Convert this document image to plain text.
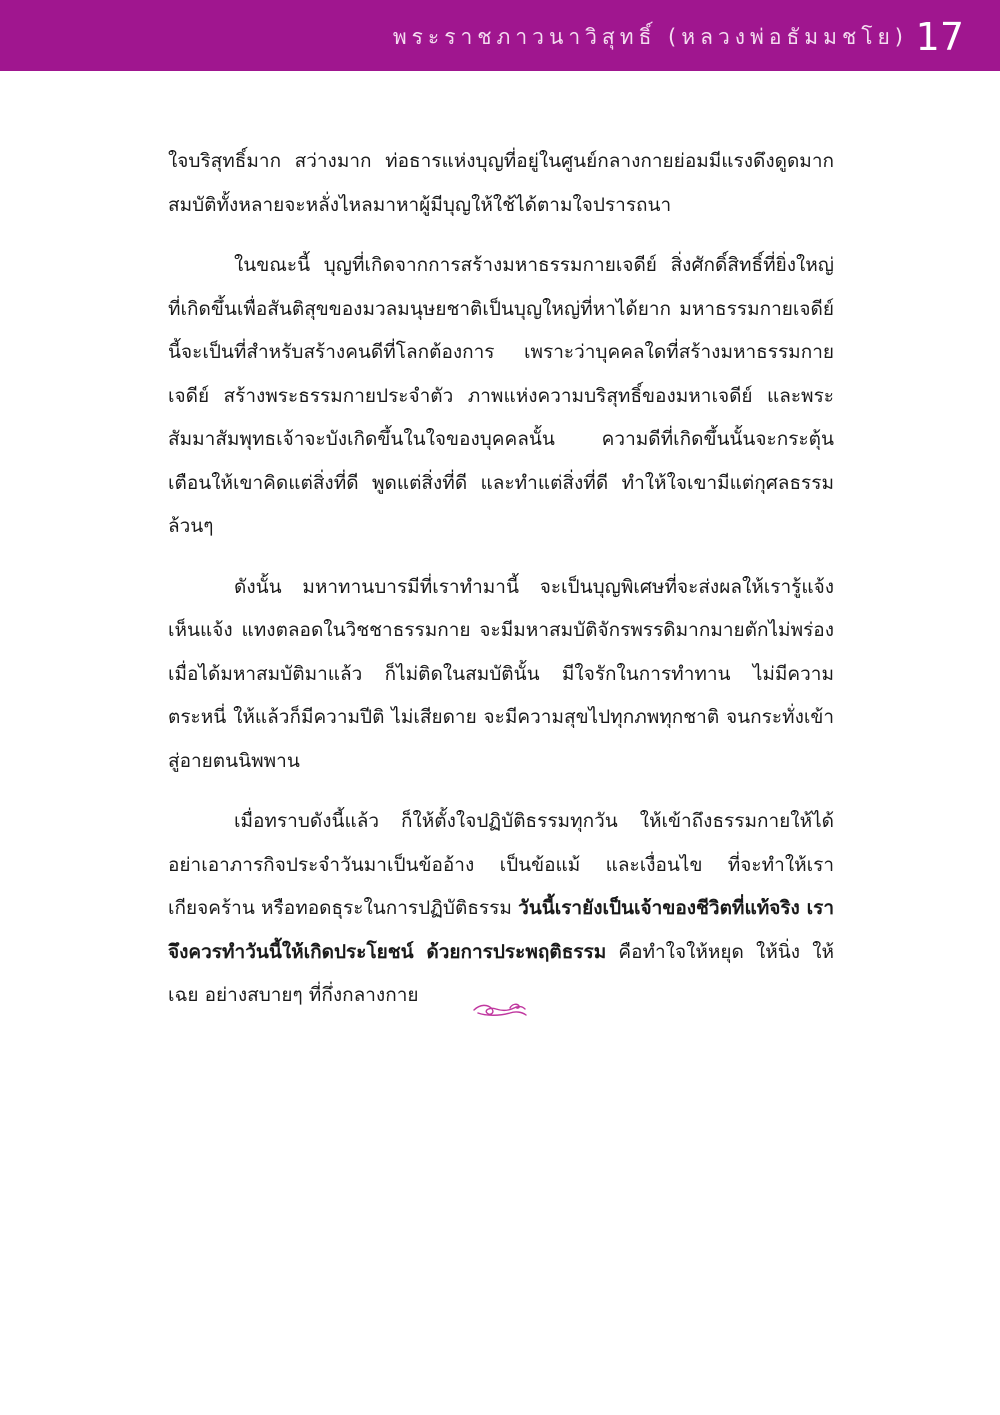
พระราชภาวนาวิสุทธิ์ (หลวงพ่อธัมมชโย) 17

ใจบริสุทธิ์มาก สว่างมาก ท่อธารแห่งบุญที่อยู่ในศูนย์กลางกายย่อมมีแรงดึงดูดมาก สมบัติทั้งหลายจะหลั่งไหลมาหาผู้มีบุญให้ใช้ได้ตามใจปรารถนา

ในขณะนี้ บุญที่เกิดจากการสร้างมหาธรรมกายเจดีย์ สิ่งศักดิ์สิทธิ์ที่ยิ่งใหญ่ ที่เกิดขึ้นเพื่อสันติสุขของมวลมนุษยชาติเป็นบุญใหญ่ที่หาได้ยาก มหาธรรมกายเจดีย์นี้จะเป็นที่สำหรับสร้างคนดีที่โลกต้องการ เพราะว่าบุคคลใดที่สร้างมหาธรรมกายเจดีย์ สร้างพระธรรมกายประจำตัว ภาพแห่งความบริสุทธิ์ของมหาเจดีย์ และพระสัมมาสัมพุทธเจ้าจะบังเกิดขึ้นในใจของบุคคลนั้น ความดีที่เกิดขึ้นนั้นจะกระตุ้นเตือนให้เขาคิดแต่สิ่งที่ดี พูดแต่สิ่งที่ดี และทำแต่สิ่งที่ดี ทำให้ใจเขามีแต่กุศลธรรมล้วนๆ

ดังนั้น มหาทานบารมีที่เราทำมานี้ จะเป็นบุญพิเศษที่จะส่งผลให้เรารู้แจ้ง เห็นแจ้ง แทงตลอดในวิชชาธรรมกาย จะมีมหาสมบัติจักรพรรดิมากมายตักไม่พร่อง เมื่อได้มหาสมบัติมาแล้ว ก็ไม่ติดในสมบัตินั้น มีใจรักในการทำทาน ไม่มีความตระหนี่ ให้แล้วก็มีความปีติ ไม่เสียดาย จะมีความสุขไปทุกภพทุกชาติ จนกระทั่งเข้าสู่อายตนนิพพาน

เมื่อทราบดังนี้แล้ว ก็ให้ตั้งใจปฏิบัติธรรมทุกวัน ให้เข้าถึงธรรมกายให้ได้ อย่าเอาภารกิจประจำวันมาเป็นข้ออ้าง เป็นข้อแม้ และเงื่อนไข ที่จะทำให้เราเกียจคร้าน หรือทอดธุระในการปฏิบัติธรรม วันนี้เรายังเป็นเจ้าของชีวิตที่แท้จริง เราจึงควรทำวันนี้ให้เกิดประโยชน์ ด้วยการประพฤติธรรม คือทำใจให้หยุด ให้นิ่ง ให้เฉย อย่างสบายๆ ที่กึ่งกลางกาย
